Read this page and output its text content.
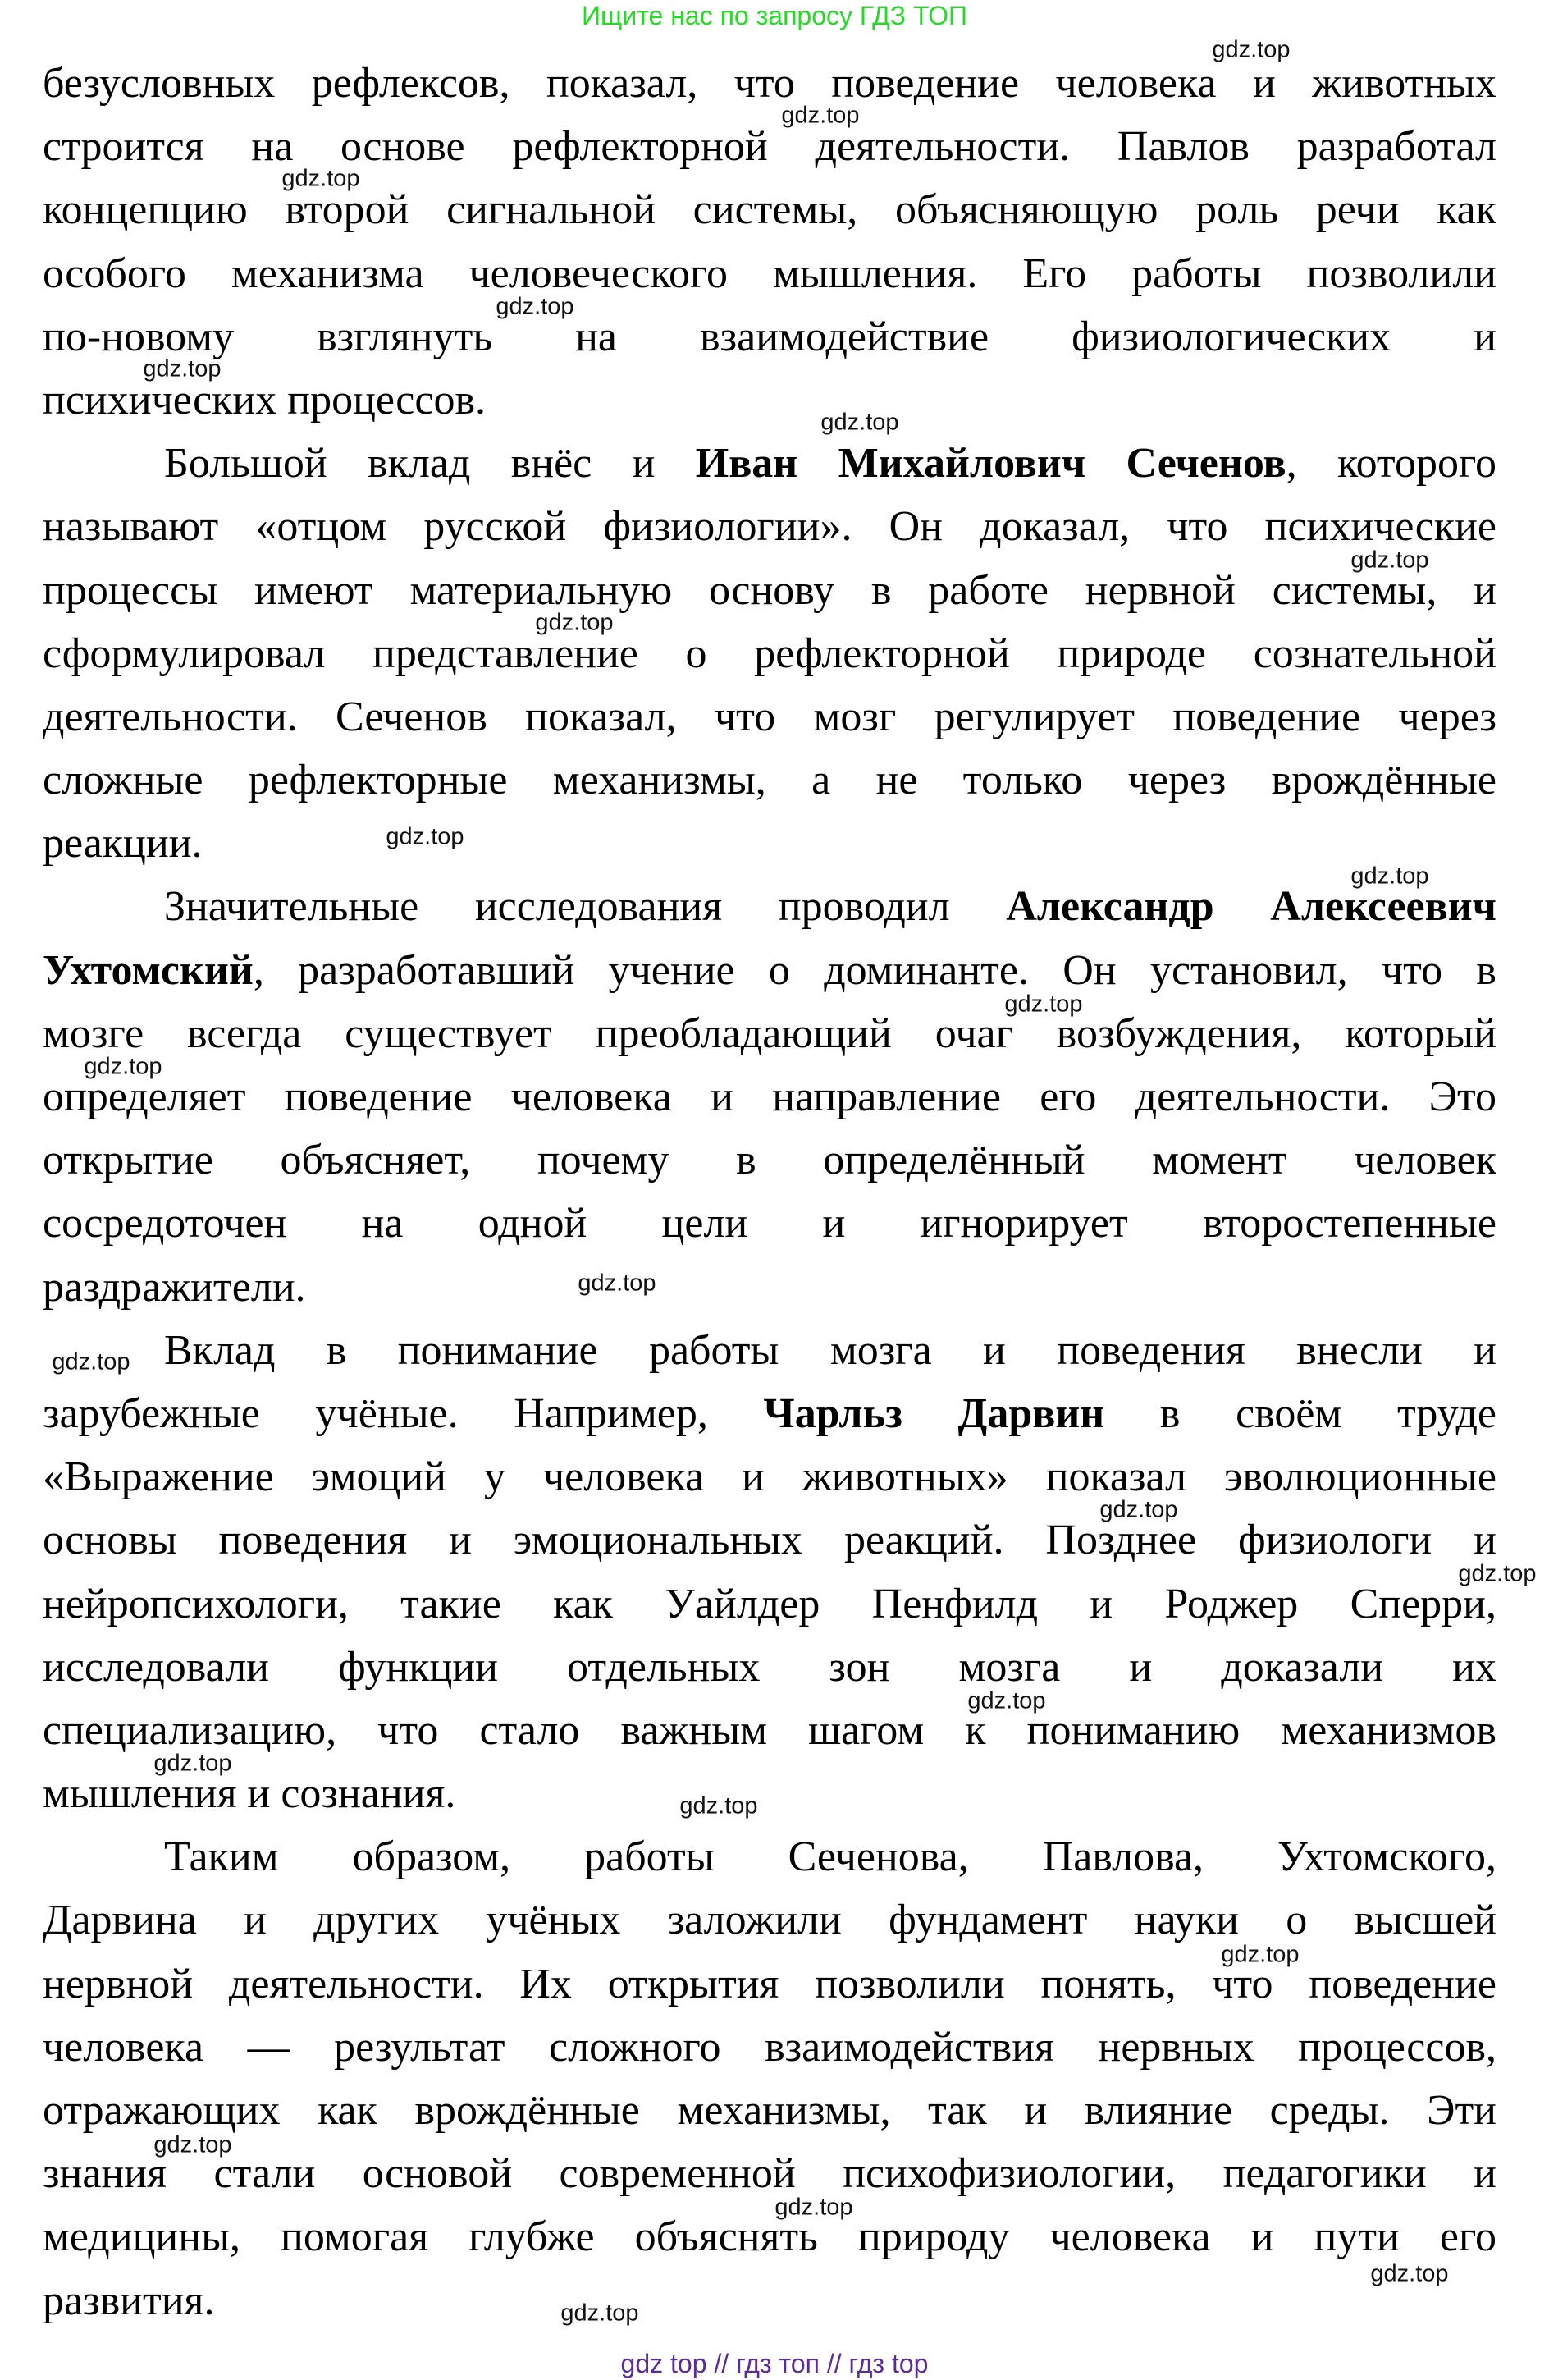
Ищите нас по запросу ГДЗ ТОП
безусловных рефлексов, показал, что поведение человека и животных
строится на основе рефлекторной деятельности. Павлов разработал
концепцию второй сигнальной системы, объясняющую роль речи как
особого механизма человеческого мышления. Его работы позволили
по-новому взглянуть на взаимодействие физиологических и
психических процессов.
Большой вклад внёс и Иван Михайлович Сеченов, которого
называют «отцом русской физиологии». Он доказал, что психические
процессы имеют материальную основу в работе нервной системы, и
сформулировал представление о рефлекторной природе сознательной
деятельности. Сеченов показал, что мозг регулирует поведение через
сложные рефлекторные механизмы, а не только через врождённые
реакции.
Значительные исследования проводил Александр Алексеевич
Ухтомский, разработавший учение о доминанте. Он установил, что в
мозге всегда существует преобладающий очаг возбуждения, который
определяет поведение человека и направление его деятельности. Это
открытие объясняет, почему в определённый момент человек
сосредоточен на одной цели и игнорирует второстепенные
раздражители.
Вклад в понимание работы мозга и поведения внесли и
зарубежные учёные. Например, Чарльз Дарвин в своём труде
«Выражение эмоций у человека и животных» показал эволюционные
основы поведения и эмоциональных реакций. Позднее физиологи и
нейропсихологи, такие как Уайлдер Пенфилд и Роджер Сперри,
исследовали функции отдельных зон мозга и доказали их
специализацию, что стало важным шагом к пониманию механизмов
мышления и сознания.
Таким образом, работы Сеченова, Павлова, Ухтомского,
Дарвина и других учёных заложили фундамент науки о высшей
нервной деятельности. Их открытия позволили понять, что поведение
человека — результат сложного взаимодействия нервных процессов,
отражающих как врождённые механизмы, так и влияние среды. Эти
знания стали основой современной психофизиологии, педагогики и
медицины, помогая глубже объяснять природу человека и пути его
развития.
gdz.top
gdz.top
gdz.top
gdz.top
gdz.top
gdz.top
gdz.top
gdz.top
gdz.top
gdz.top
gdz.top
gdz.top
gdz.top
gdz.top
gdz.top
gdz.top
gdz.top
gdz.top
gdz.top
gdz.top
gdz.top
gdz.top
gdz.top
gdz.top
gdz top // гдз топ // гдз top
